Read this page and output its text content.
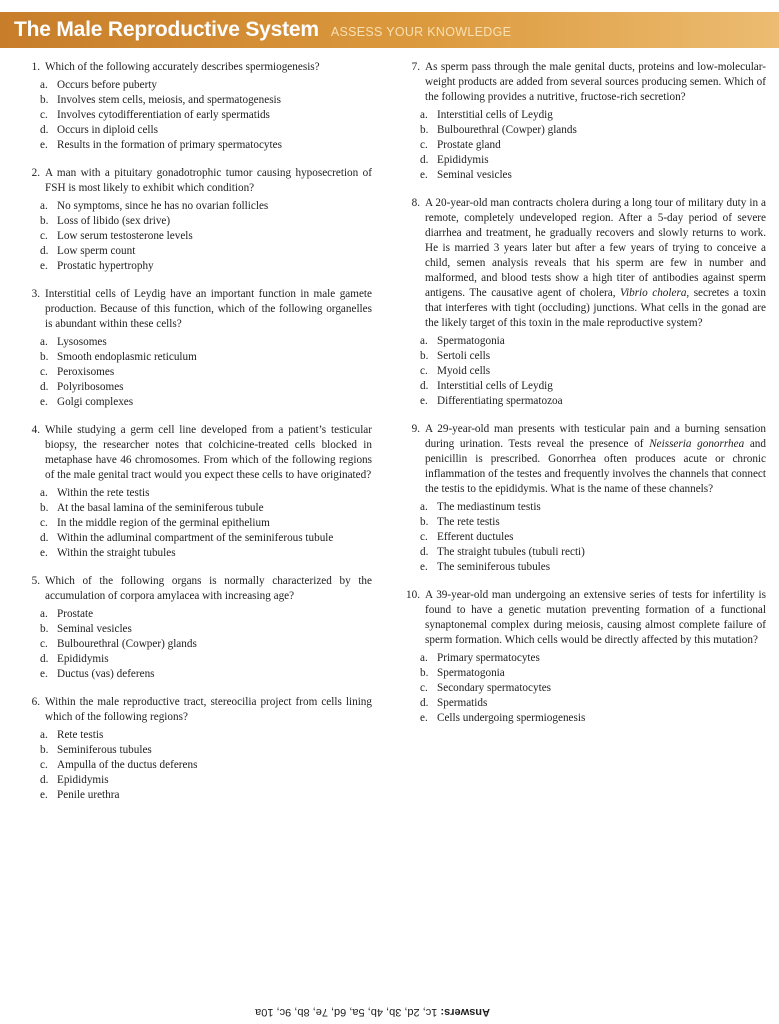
The Male Reproductive System ASSESS YOUR KNOWLEDGE
1. Which of the following accurately describes spermiogenesis?
a. Occurs before puberty
b. Involves stem cells, meiosis, and spermatogenesis
c. Involves cytodifferentiation of early spermatids
d. Occurs in diploid cells
e. Results in the formation of primary spermatocytes
2. A man with a pituitary gonadotrophic tumor causing hyposecretion of FSH is most likely to exhibit which condition?
a. No symptoms, since he has no ovarian follicles
b. Loss of libido (sex drive)
c. Low serum testosterone levels
d. Low sperm count
e. Prostatic hypertrophy
3. Interstitial cells of Leydig have an important function in male gamete production. Because of this function, which of the following organelles is abundant within these cells?
a. Lysosomes
b. Smooth endoplasmic reticulum
c. Peroxisomes
d. Polyribosomes
e. Golgi complexes
4. While studying a germ cell line developed from a patient’s testicular biopsy, the researcher notes that colchicine-treated cells blocked in metaphase have 46 chromosomes. From which of the following regions of the male genital tract would you expect these cells to have originated?
a. Within the rete testis
b. At the basal lamina of the seminiferous tubule
c. In the middle region of the germinal epithelium
d. Within the adluminal compartment of the seminiferous tubule
e. Within the straight tubules
5. Which of the following organs is normally characterized by the accumulation of corpora amylacea with increasing age?
a. Prostate
b. Seminal vesicles
c. Bulbourethral (Cowper) glands
d. Epididymis
e. Ductus (vas) deferens
6. Within the male reproductive tract, stereocilia project from cells lining which of the following regions?
a. Rete testis
b. Seminiferous tubules
c. Ampulla of the ductus deferens
d. Epididymis
e. Penile urethra
7. As sperm pass through the male genital ducts, proteins and low-molecular-weight products are added from several sources producing semen. Which of the following provides a nutritive, fructose-rich secretion?
a. Interstitial cells of Leydig
b. Bulbourethral (Cowper) glands
c. Prostate gland
d. Epididymis
e. Seminal vesicles
8. A 20-year-old man contracts cholera during a long tour of military duty in a remote, completely undeveloped region. After a 5-day period of severe diarrhea and treatment, he gradually recovers and slowly returns to work. He is married 3 years later but after a few years of trying to conceive a child, semen analysis reveals that his sperm are few in number and malformed, and blood tests show a high titer of antibodies against sperm antigens. The causative agent of cholera, Vibrio cholera, secretes a toxin that interferes with tight (occluding) junctions. What cells in the gonad are the likely target of this toxin in the male reproductive system?
a. Spermatogonia
b. Sertoli cells
c. Myoid cells
d. Interstitial cells of Leydig
e. Differentiating spermatozoa
9. A 29-year-old man presents with testicular pain and a burning sensation during urination. Tests reveal the presence of Neisseria gonorrhea and penicillin is prescribed. Gonorrhea often produces acute or chronic inflammation of the testes and frequently involves the channels that connect the testis to the epididymis. What is the name of these channels?
a. The mediastinum testis
b. The rete testis
c. Efferent ductules
d. The straight tubules (tubuli recti)
e. The seminiferous tubules
10. A 39-year-old man undergoing an extensive series of tests for infertility is found to have a genetic mutation preventing formation of a functional synaptonemal complex during meiosis, causing almost complete failure of sperm formation. Which cells would be directly affected by this mutation?
a. Primary spermatocytes
b. Spermatogonia
c. Secondary spermatocytes
d. Spermatids
e. Cells undergoing spermiogenesis
Answers: 1c, 2d, 3b, 4b, 5a, 6d, 7e, 8b, 9c, 10a
